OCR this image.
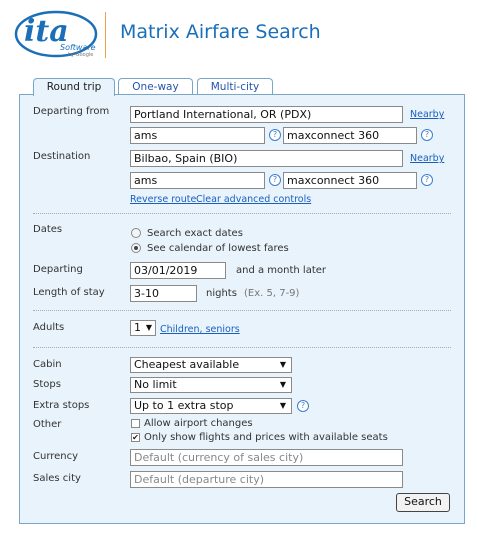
ita
Software
by Google
Matrix Airfare Search
Round trip	One-way	Multi-city
Departing from	Portland International, OR (PDX)	Nearby
ams	? maxconnect 360	?
Destination	Bilbao, Spain (BIO)	Nearby
ams	? maxconnect 360	?
Reverse route Clear advanced controls
Dates	Search exact dates
See calendar of lowest fares
Departing	03/01/2019	and a month later
Length of stay	3-10	nights (Ex. 5, 7-9)
Adults	1 ▼ Children, seniors
Cabin	Cheapest available	▼
Stops	No limit	▼
Extra stops	Up to 1 extra stop	▼	?
Other	Allow airport changes
✔ Only show flights and prices with available seats
Currency	Default (currency of sales city)
Sales city	Default (departure city)
Search
